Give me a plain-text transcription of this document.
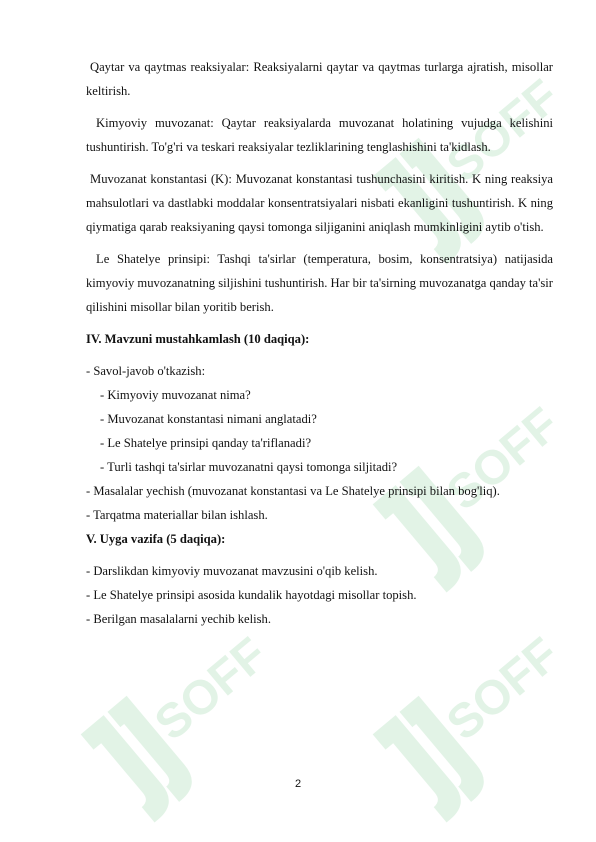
SOFF
SOFF
SOFF	SOFF

Qaytar va qaytmas reaksiyalar: Reaksiyalarni qaytar va qaytmas turlarga ajratish, misollar keltirish.

Kimyoviy muvozanat: Qaytar reaksiyalarda muvozanat holatining vujudga kelishini tushuntirish. To'g'ri va teskari reaksiyalar tezliklarining tenglashishini ta'kidlash.

Muvozanat konstantasi (K): Muvozanat konstantasi tushunchasini kiritish. K ning reaksiya mahsulotlari va dastlabki moddalar konsentratsiyalari nisbati ekanligini tushuntirish. K ning qiymatiga qarab reaksiyaning qaysi tomonga siljiganini aniqlash mumkinligini aytib o'tish.

Le Shatelye prinsipi: Tashqi ta'sirlar (temperatura, bosim, konsentratsiya) natijasida kimyoviy muvozanatning siljishini tushuntirish. Har bir ta'sirning muvozanatga qanday ta'sir qilishini misollar bilan yoritib berish.

IV. Mavzuni mustahkamlash (10 daqiqa):

- Savol-javob o'tkazish:

- Kimyoviy muvozanat nima?

- Muvozanat konstantasi nimani anglatadi?

- Le Shatelye prinsipi qanday ta'riflanadi?

- Turli tashqi ta'sirlar muvozanatni qaysi tomonga siljitadi?

- Masalalar yechish (muvozanat konstantasi va Le Shatelye prinsipi bilan bog'liq).

- Tarqatma materiallar bilan ishlash.

V. Uyga vazifa (5 daqiqa):

- Darslikdan kimyoviy muvozanat mavzusini o'qib kelish.

- Le Shatelye prinsipi asosida kundalik hayotdagi misollar topish.

- Berilgan masalalarni yechib kelish.

2
